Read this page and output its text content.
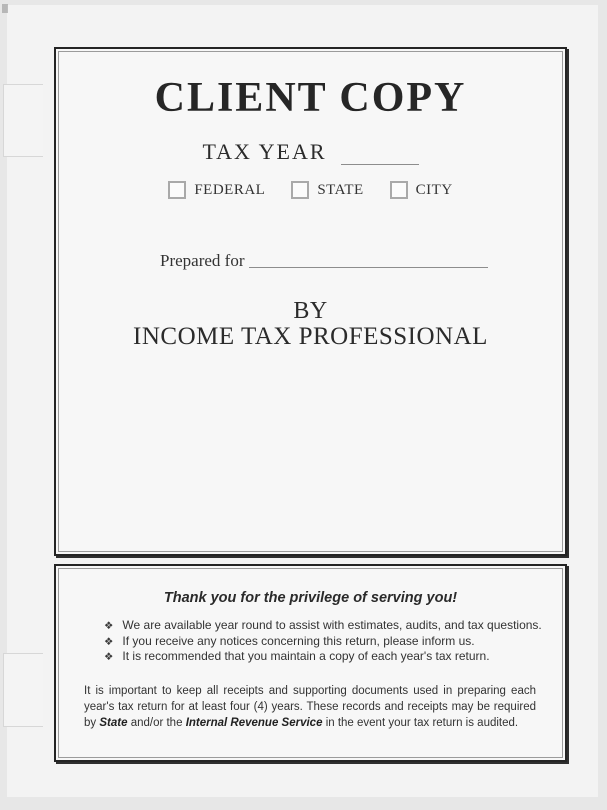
CLIENT COPY
TAX YEAR
FEDERAL	STATE	CITY
Prepared for
BY
INCOME TAX PROFESSIONAL

Thank you for the privilege of serving you!

❖ We are available year round to assist with estimates, audits, and tax questions.
❖ If you receive any notices concerning this return, please inform us.
❖ It is recommended that you maintain a copy of each year's tax return.

It is important to keep all receipts and supporting documents used in preparing each year's tax return for at least four (4) years. These records and receipts may be required by State and/or the Internal Revenue Service in the event your tax return is audited.
